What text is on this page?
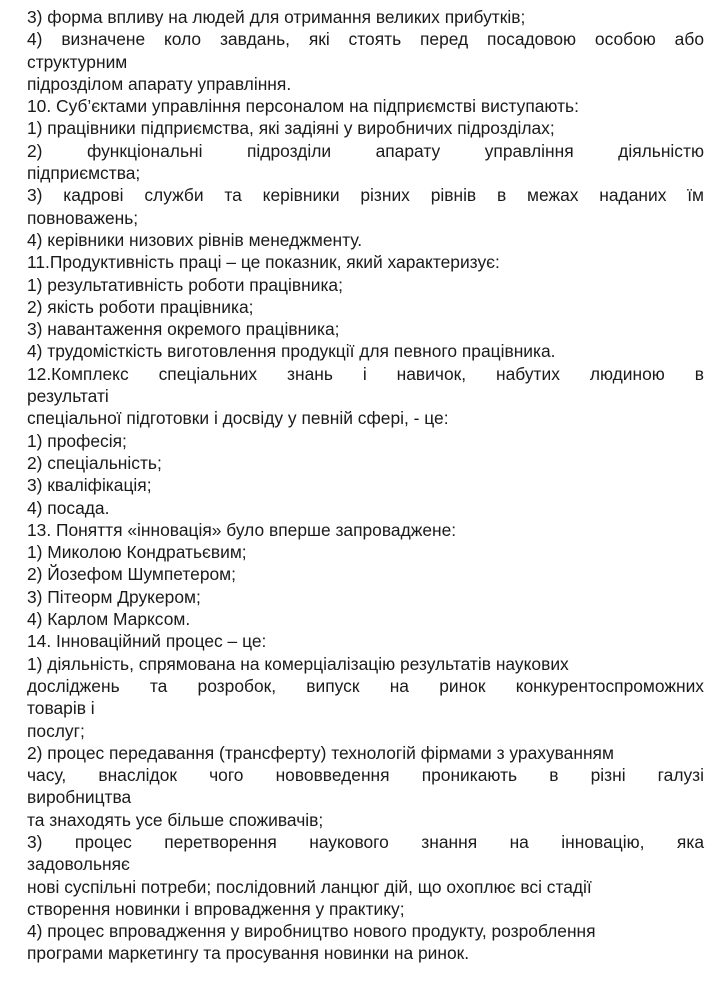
3) форма впливу на людей для отримання великих прибутків;
4) визначене коло завдань, які стоять перед посадовою особою або
структурним
підрозділом апарату управління.
10. Суб’єктами управління персоналом на підприємстві виступають:
1) працівники підприємства, які задіяні у виробничих підрозділах;
2) функціональні підрозділи апарату управління діяльністю
підприємства;
3) кадрові служби та керівники різних рівнів в межах наданих їм
повноважень;
4) керівники низових рівнів менеджменту.
11.Продуктивність праці – це показник, який характеризує:
1) результативність роботи працівника;
2) якість роботи працівника;
3) навантаження окремого працівника;
4) трудомісткість виготовлення продукції для певного працівника.
12.Комплекс спеціальних знань і навичок, набутих людиною в
результаті
спеціальної підготовки і досвіду у певній сфері, - це:
1) професія;
2) спеціальність;
3) кваліфікація;
4) посада.
13. Поняття «інновація» було вперше запроваджене:
1) Миколою Кондратьєвим;
2) Йозефом Шумпетером;
3) Пітеорм Друкером;
4) Карлом Марксом.
14. Інноваційний процес – це:
1) діяльність, спрямована на комерціалізацію результатів наукових
досліджень та розробок, випуск на ринок конкурентоспроможних
товарів і
послуг;
2) процес передавання (трансферту) технологій фірмами з урахуванням
часу, внаслідок чого нововведення проникають в різні галузі
виробництва
та знаходять усе більше споживачів;
3) процес перетворення наукового знання на інновацію, яка
задовольняє
нові суспільні потреби; послідовний ланцюг дій, що охоплює всі стадії
створення новинки і впровадження у практику;
4) процес впровадження у виробництво нового продукту, розроблення
програми маркетингу та просування новинки на ринок.
